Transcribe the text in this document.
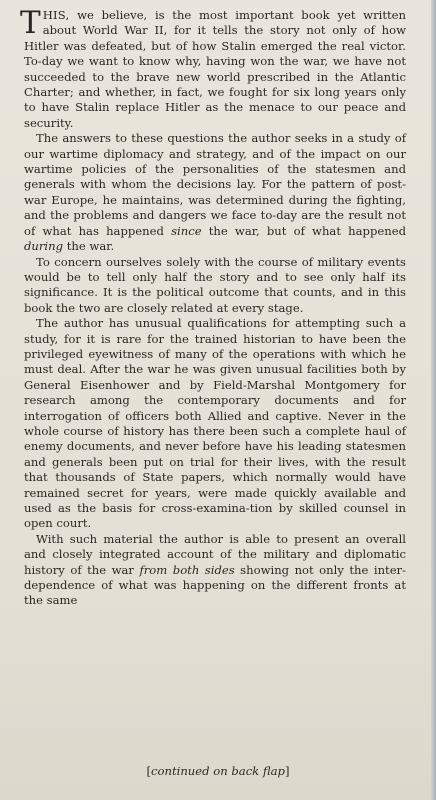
THIS, we believe, is the most important book yet written about World War II, for it tells the story not only of how Hitler was defeated, but of how Stalin emerged the real victor. To-day we want to know why, having won the war, we have not succeeded to the brave new world prescribed in the Atlantic Charter; and whether, in fact, we fought for six long years only to have Stalin replace Hitler as the menace to our peace and security.

The answers to these questions the author seeks in a study of our wartime diplomacy and strategy, and of the impact on our wartime policies of the personalities of the statesmen and generals with whom the decisions lay. For the pattern of post-war Europe, he maintains, was determined during the fighting, and the problems and dangers we face to-day are the result not of what has happened since the war, but of what happened during the war.

To concern ourselves solely with the course of military events would be to tell only half the story and to see only half its significance. It is the political outcome that counts, and in this book the two are closely related at every stage.

The author has unusual qualifications for attempting such a study, for it is rare for the trained historian to have been the privileged eyewitness of many of the operations with which he must deal. After the war he was given unusual facilities both by General Eisenhower and by Field-Marshal Montgomery for research among the contemporary documents and for interrogation of officers both Allied and captive. Never in the whole course of history has there been such a complete haul of enemy documents, and never before have his leading statesmen and generals been put on trial for their lives, with the result that thousands of State papers, which normally would have remained secret for years, were made quickly available and used as the basis for cross-examina-tion by skilled counsel in open court.

With such material the author is able to present an overall and closely integrated account of the military and diplomatic history of the war from both sides showing not only the inter-dependence of what was happening on the different fronts at the same

[continued on back flap]
